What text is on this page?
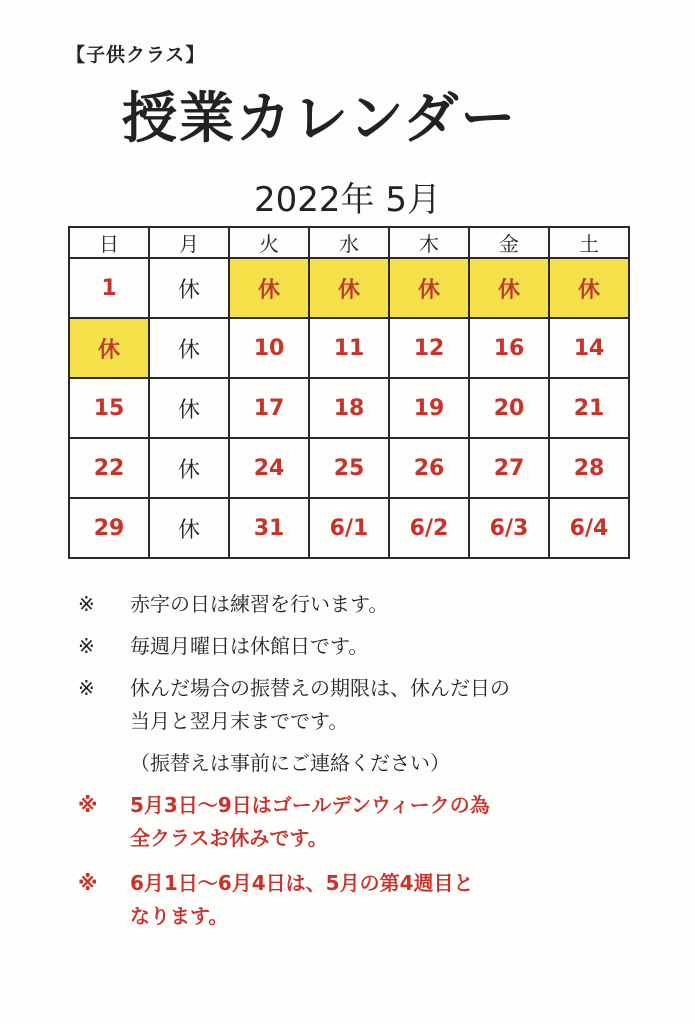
【子供クラス】
授業カレンダー
2022年 5月
日	月	火	水	木	金	土
1	休	休	休	休	休	休
休	休	10	11	12	16	14
15	休	17	18	19	20	21
22	休	24	25	26	27	28
29	休	31	6/1	6/2	6/3	6/4
※	赤字の日は練習を行います。
※	毎週月曜日は休館日です。
※	休んだ場合の振替えの期限は、休んだ日の
当月と翌月末までです。
（振替えは事前にご連絡ください）
※	5月3日～9日はゴールデンウィークの為
全クラスお休みです。
※	6月1日～6月4日は、5月の第4週目と
なります。
